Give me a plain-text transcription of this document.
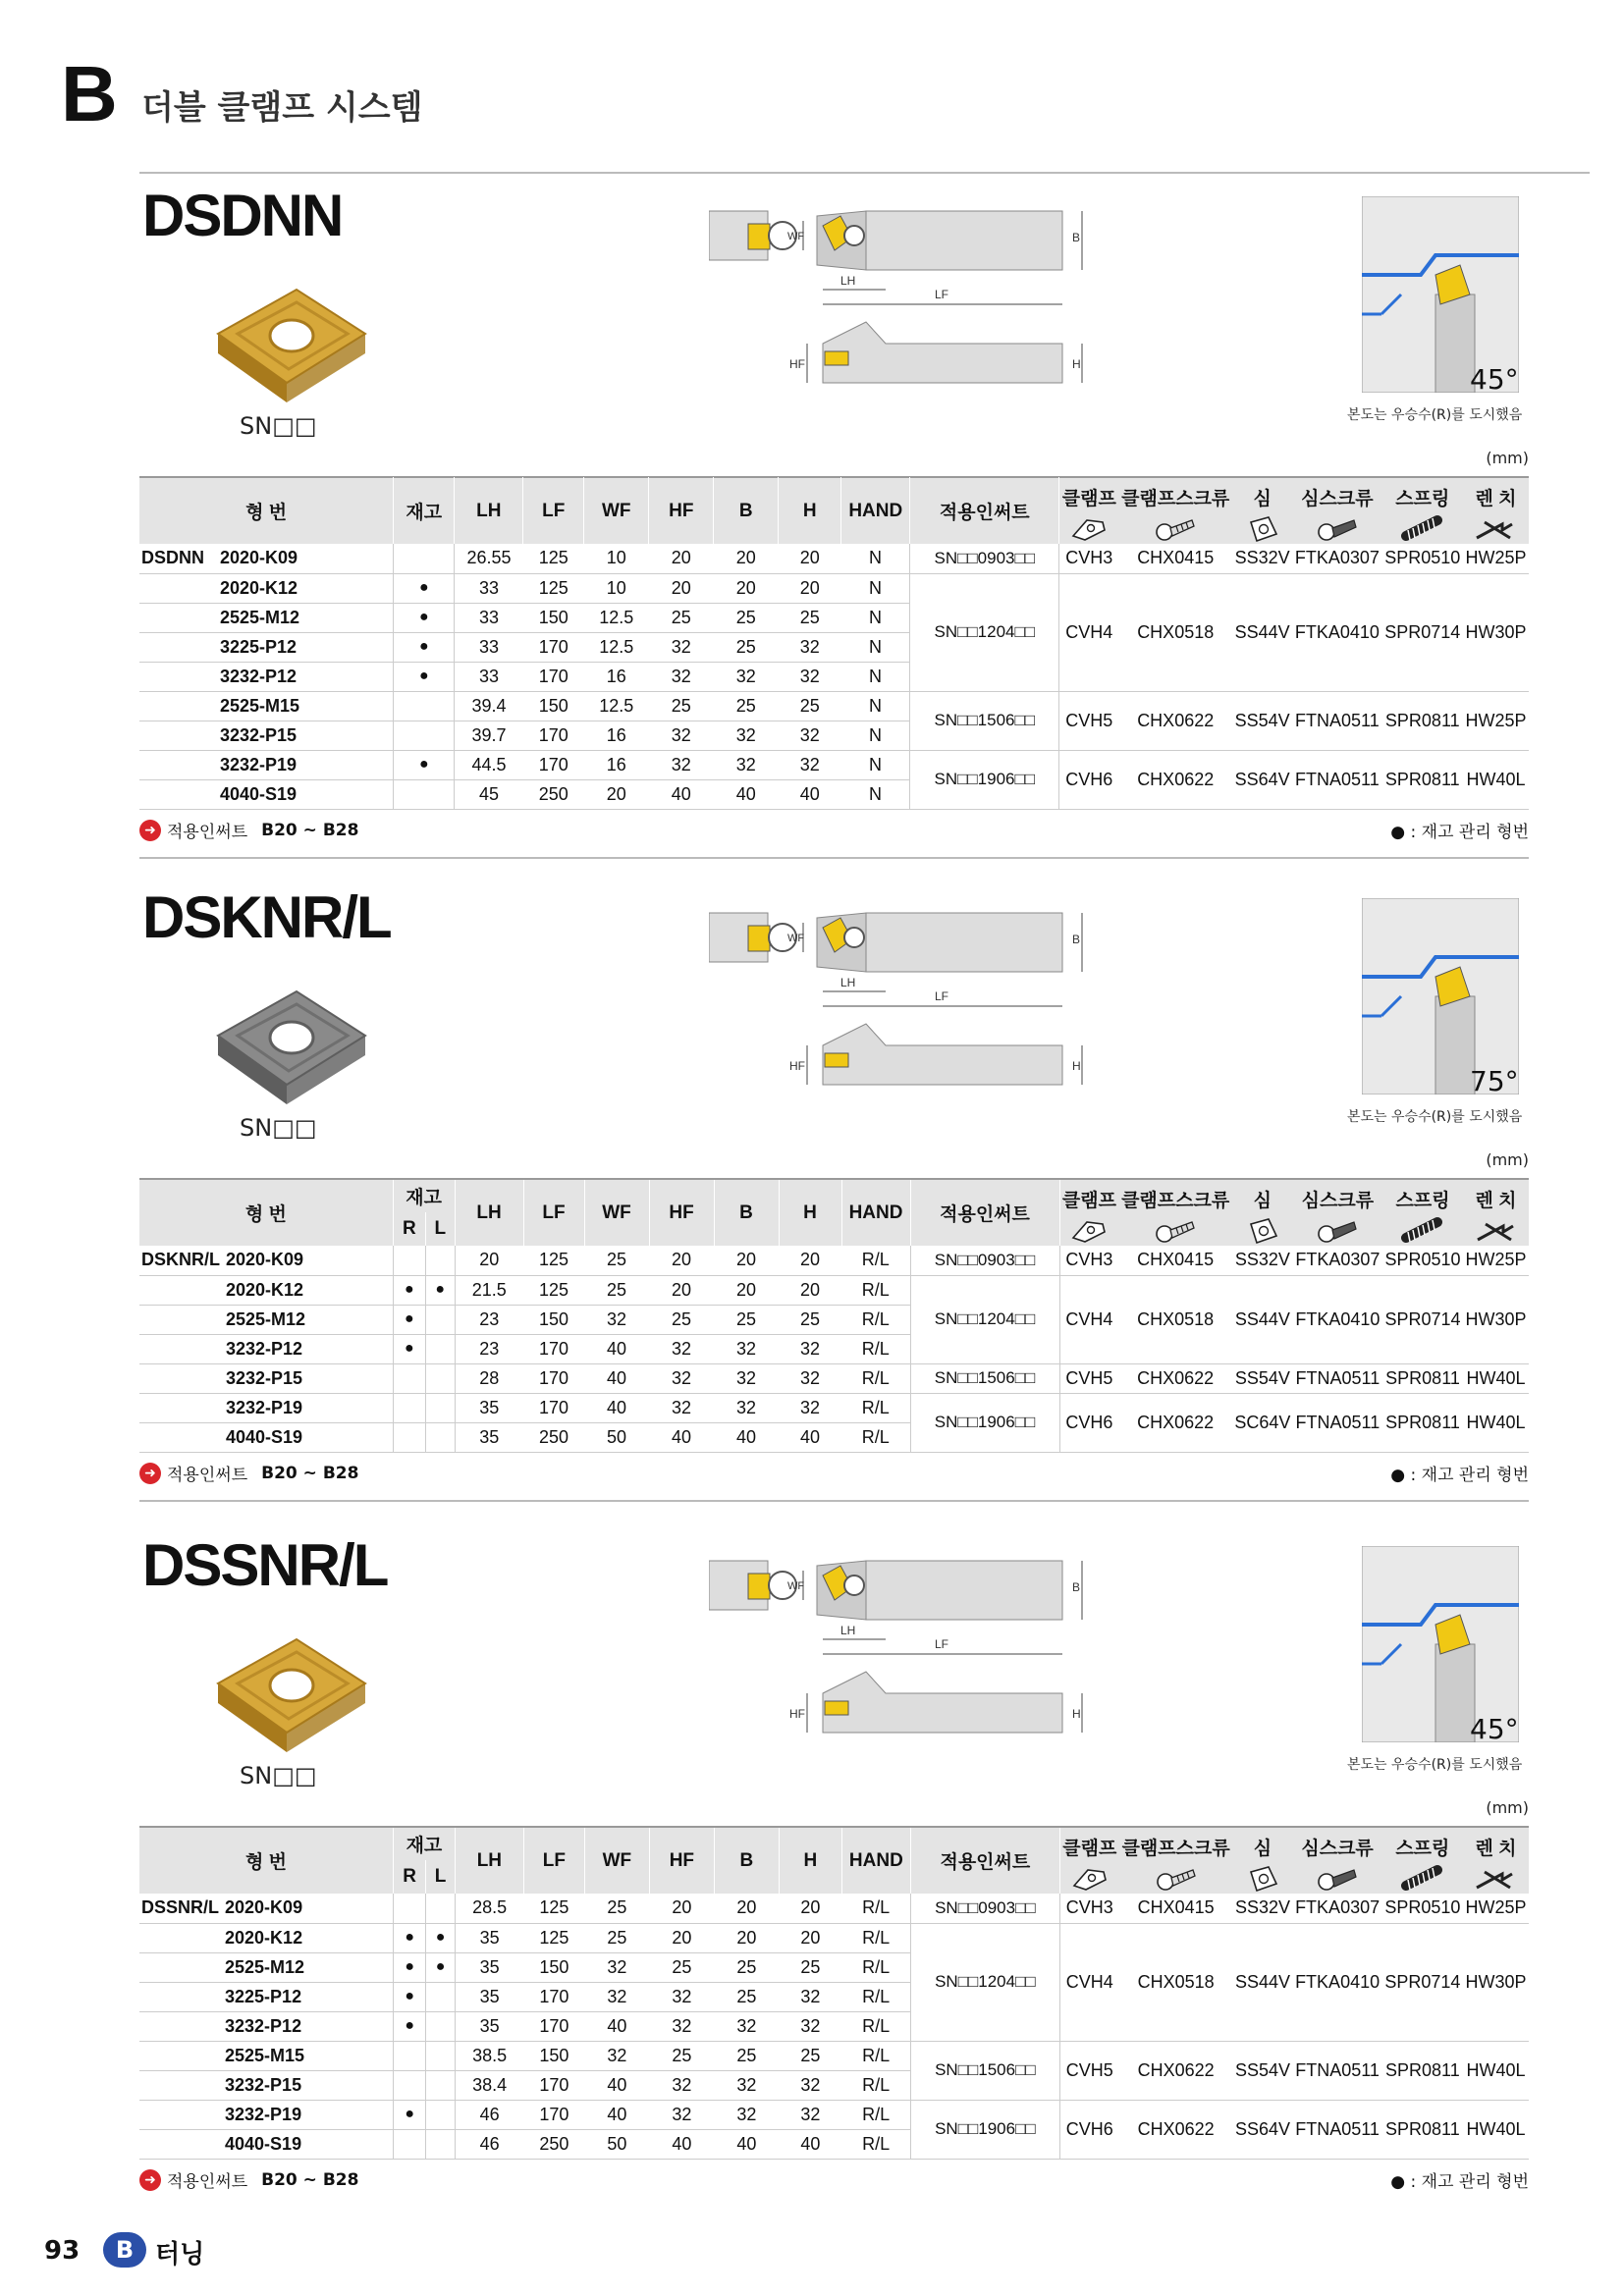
B 더블 클램프 시스템
DSDNN
SN□□
WF
LH
LF
B
HF	H	45°
본도는 우승수(R)를 도시했음
(mm)
형 번		재고	LH	LF	WF	HF	B	H	HAND	적용인써트	클램프	클램프스크류	심	심스크류	스프링	렌 치

DSDNN	2020-K09		26.55	125	10	20	20	20	N	SN□□0903□□	CVH3	CHX0415	SS32V	FTKA0307	SPR0510	HW25P
	2020-K12	●	33	125	10	20	20	20	N	SN□□1204□□	CVH4	CHX0518	SS44V	FTKA0410	SPR0714	HW30P
	2525-M12	●	33	150	12.5	25	25	25	N							
	3225-P12	●	33	170	12.5	32	25	32	N							
	3232-P12	●	33	170	16	32	32	32	N							
	2525-M15		39.4	150	12.5	25	25	25	N	SN□□1506□□	CVH5	CHX0622	SS54V	FTNA0511	SPR0811	HW25P
	3232-P15		39.7	170	16	32	32	32	N							
	3232-P19	●	44.5	170	16	32	32	32	N	SN□□1906□□	CVH6	CHX0622	SS64V	FTNA0511	SPR0811	HW40L
	4040-S19		45	250	20	40	40	40	N							
➜ 적용인써트 B20 ~ B28	● : 재고 관리 형번
DSKNR/L
SN□□
WF
LH
LF
B
HF	H	75°
본도는 우승수(R)를 도시했음
(mm)
형 번		재고		LH	LF	WF	HF	B	H	HAND	적용인써트	클램프	클램프스크류	심	심스크류	스프링	렌 치

		R	L														
DSKNR/L	2020-K09			20	125	25	20	20	20	R/L	SN□□0903□□	CVH3	CHX0415	SS32V	FTKA0307	SPR0510	HW25P
	2020-K12	●	●	21.5	125	25	20	20	20	R/L	SN□□1204□□	CVH4	CHX0518	SS44V	FTKA0410	SPR0714	HW30P
	2525-M12	●		23	150	32	25	25	25	R/L							
	3232-P12	●		23	170	40	32	32	32	R/L							
	3232-P15			28	170	40	32	32	32	R/L	SN□□1506□□	CVH5	CHX0622	SS54V	FTNA0511	SPR0811	HW40L
	3232-P19			35	170	40	32	32	32	R/L	SN□□1906□□	CVH6	CHX0622	SC64V	FTNA0511	SPR0811	HW40L
	4040-S19			35	250	50	40	40	40	R/L							
➜ 적용인써트 B20 ~ B28	● : 재고 관리 형번
DSSNR/L
SN□□
WF
LH
LF
B
HF	H	45°
본도는 우승수(R)를 도시했음
(mm)
형 번		재고		LH	LF	WF	HF	B	H	HAND	적용인써트	클램프	클램프스크류	심	심스크류	스프링	렌 치

		R	L														
DSSNR/L	2020-K09			28.5	125	25	20	20	20	R/L	SN□□0903□□	CVH3	CHX0415	SS32V	FTKA0307	SPR0510	HW25P
	2020-K12	●	●	35	125	25	20	20	20	R/L	SN□□1204□□	CVH4	CHX0518	SS44V	FTKA0410	SPR0714	HW30P
	2525-M12	●	●	35	150	32	25	25	25	R/L							
	3225-P12	●		35	170	32	32	25	32	R/L							
	3232-P12	●		35	170	40	32	32	32	R/L							
	2525-M15			38.5	150	32	25	25	25	R/L	SN□□1506□□	CVH5	CHX0622	SS54V	FTNA0511	SPR0811	HW40L
	3232-P15			38.4	170	40	32	32	32	R/L							
	3232-P19	●		46	170	40	32	32	32	R/L	SN□□1906□□	CVH6	CHX0622	SS64V	FTNA0511	SPR0811	HW40L
	4040-S19			46	250	50	40	40	40	R/L							
➜ 적용인써트 B20 ~ B28	● : 재고 관리 형번
93	B 터닝
